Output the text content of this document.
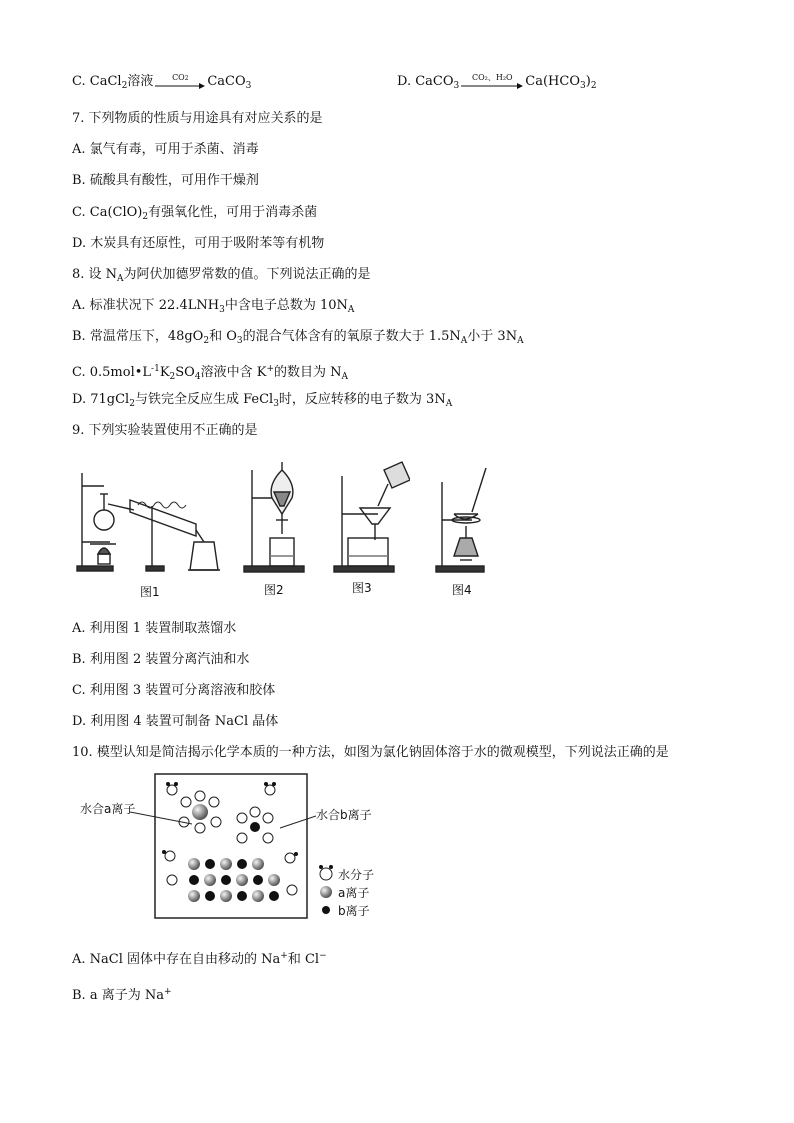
C. CaCl$_2$溶液	CO2	CaCO$_3$	D. CaCO$_3$
CO₂、H₂O $Ca(HCO_3)_2$
7. 下列物质的性质与用途具有对应关系的是
A. 氯气有毒，可用于杀菌、消毒
B. 硫酸具有酸性，可用作干燥剂
C. $Ca(ClO)_2$有强氧化性，可用于消毒杀菌
D. 木炭具有还原性，可用于吸附苯等有机物
8. 设 $N_A$为阿伏加德罗常数的值。下列说法正确的是
A. 标准状况下 $22.4LNH_3$中含电子总数为 $10N_A$
B. 常温常压下，$48gO_2$和 $O_3$的混合气体含有的氧原子数大于 $1.5N_A$小于 $3N_A$
C. $0.5mol•L^{-1}K_2SO_4$溶液中含 K+的数目为 $N_A$
D. 71gCl$_2$与铁完全反应生成 FeCl$_3$时，反应转移的电子数为 $3N_A$
9. 下列实验装置使用不正确的是
图1	图2	图3	图4
A. 利用图 1 装置制取蒸馏水
B. 利用图 2 装置分离汽油和水
C. 利用图 3 装置可分离溶液和胶体
D. 利用图 4 装置可制备 NaCl 晶体
10. 模型认知是简洁揭示化学本质的一种方法，如图为氯化钠固体溶于水的微观模型，下列说法正确的是
水合a离子	水合b离子
水分子
a离子
b离子
A. NaCl 固体中存在自由移动的 Na+和 Cl−
B. a 离子为 Na+
